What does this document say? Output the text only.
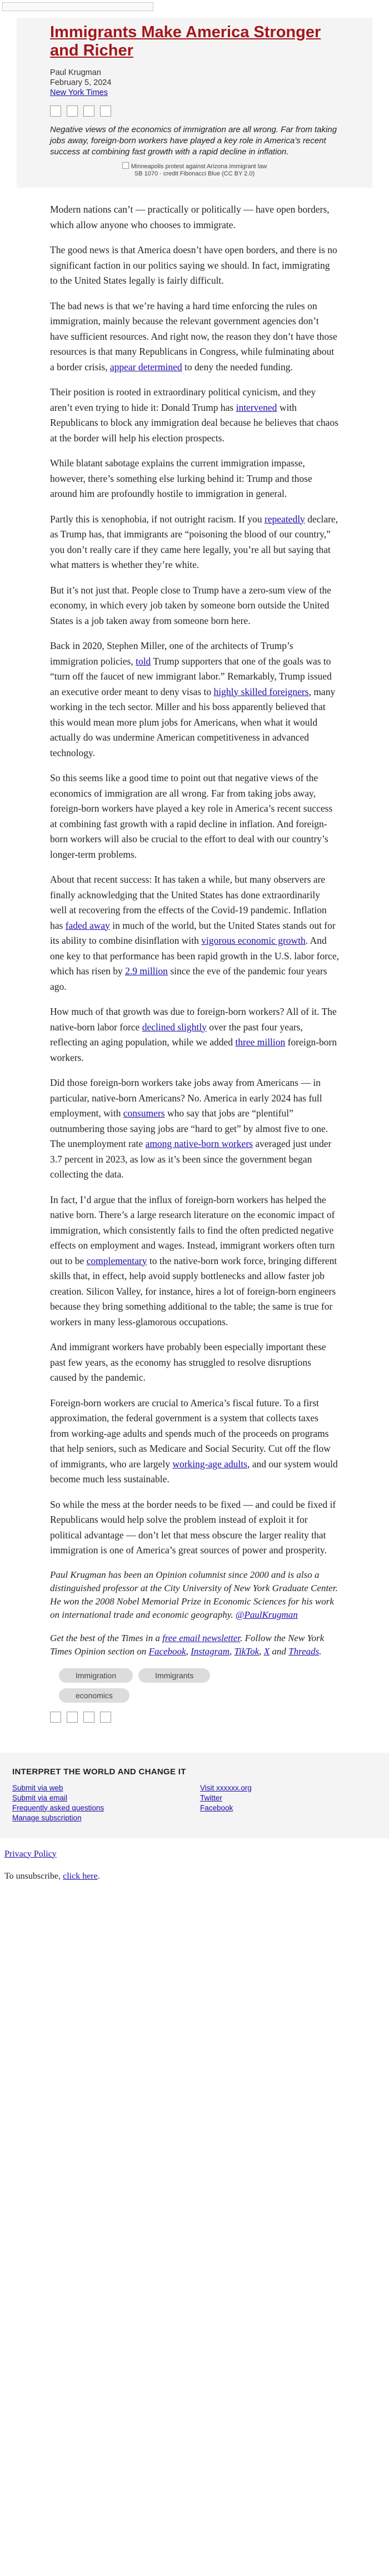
Immigrants Make America Stronger and Richer
Paul Krugman
February 5, 2024
New York Times

Negative views of the economics of immigration are all wrong. Far from taking jobs away, foreign-born workers have played a key role in America’s recent success at combining fast growth with a rapid decline in inflation.

Minneapolis protest against Arizona immigrant law
SB 1070 · credit Fibonacci Blue (CC BY 2.0)

Modern nations can’t — practically or politically — have open borders, which allow anyone who chooses to immigrate.

The good news is that America doesn’t have open borders, and there is no significant faction in our politics saying we should. In fact, immigrating to the United States legally is fairly difficult.

The bad news is that we’re having a hard time enforcing the rules on immigration, mainly because the relevant government agencies don’t have sufficient resources. And right now, the reason they don’t have those resources is that many Republicans in Congress, while fulminating about a border crisis, appear determined to deny the needed funding.

Their position is rooted in extraordinary political cynicism, and they aren’t even trying to hide it: Donald Trump has intervened with Republicans to block any immigration deal because he believes that chaos at the border will help his election prospects.

While blatant sabotage explains the current immigration impasse, however, there’s something else lurking behind it: Trump and those around him are profoundly hostile to immigration in general.

Partly this is xenophobia, if not outright racism. If you repeatedly declare, as Trump has, that immigrants are “poisoning the blood of our country,” you don’t really care if they came here legally, you’re all but saying that what matters is whether they’re white.

But it’s not just that. People close to Trump have a zero-sum view of the economy, in which every job taken by someone born outside the United States is a job taken away from someone born here.

Back in 2020, Stephen Miller, one of the architects of Trump’s immigration policies, told Trump supporters that one of the goals was to “turn off the faucet of new immigrant labor.” Remarkably, Trump issued an executive order meant to deny visas to highly skilled foreigners, many working in the tech sector. Miller and his boss apparently believed that this would mean more plum jobs for Americans, when what it would actually do was undermine American competitiveness in advanced technology.

So this seems like a good time to point out that negative views of the economics of immigration are all wrong. Far from taking jobs away, foreign-born workers have played a key role in America’s recent success at combining fast growth with a rapid decline in inflation. And foreign-born workers will also be crucial to the effort to deal with our country’s longer-term problems.

About that recent success: It has taken a while, but many observers are finally acknowledging that the United States has done extraordinarily well at recovering from the effects of the Covid-19 pandemic. Inflation has faded away in much of the world, but the United States stands out for its ability to combine disinflation with vigorous economic growth. And one key to that performance has been rapid growth in the U.S. labor force, which has risen by 2.9 million since the eve of the pandemic four years ago.

How much of that growth was due to foreign-born workers? All of it. The native-born labor force declined slightly over the past four years, reflecting an aging population, while we added three million foreign-born workers.

Did those foreign-born workers take jobs away from Americans — in particular, native-born Americans? No. America in early 2024 has full employment, with consumers who say that jobs are “plentiful” outnumbering those saying jobs are “hard to get” by almost five to one. The unemployment rate among native-born workers averaged just under 3.7 percent in 2023, as low as it’s been since the government began collecting the data.

In fact, I’d argue that the influx of foreign-born workers has helped the native born. There’s a large research literature on the economic impact of immigration, which consistently fails to find the often predicted negative effects on employment and wages. Instead, immigrant workers often turn out to be complementary to the native-born work force, bringing different skills that, in effect, help avoid supply bottlenecks and allow faster job creation. Silicon Valley, for instance, hires a lot of foreign-born engineers because they bring something additional to the table; the same is true for workers in many less-glamorous occupations.

And immigrant workers have probably been especially important these past few years, as the economy has struggled to resolve disruptions caused by the pandemic.

Foreign-born workers are crucial to America’s fiscal future. To a first approximation, the federal government is a system that collects taxes from working-age adults and spends much of the proceeds on programs that help seniors, such as Medicare and Social Security. Cut off the flow of immigrants, who are largely working-age adults, and our system would become much less sustainable.

So while the mess at the border needs to be fixed — and could be fixed if Republicans would help solve the problem instead of exploit it for political advantage — don’t let that mess obscure the larger reality that immigration is one of America’s great sources of power and prosperity.

Paul Krugman has been an Opinion columnist since 2000 and is also a distinguished professor at the City University of New York Graduate Center. He won the 2008 Nobel Memorial Prize in Economic Sciences for his work on international trade and economic geography. @PaulKrugman

Get the best of the Times in a free email newsletter. Follow the New York Times Opinion section on Facebook, Instagram, TikTok, X and Threads.

Immigration	Immigrants
economics
INTERPRET THE WORLD AND CHANGE IT
Submit via web	Visit xxxxxx.org
Submit via email	Twitter
Frequently asked questions	Facebook
Manage subscription
Privacy Policy

To unsubscribe, click here.
